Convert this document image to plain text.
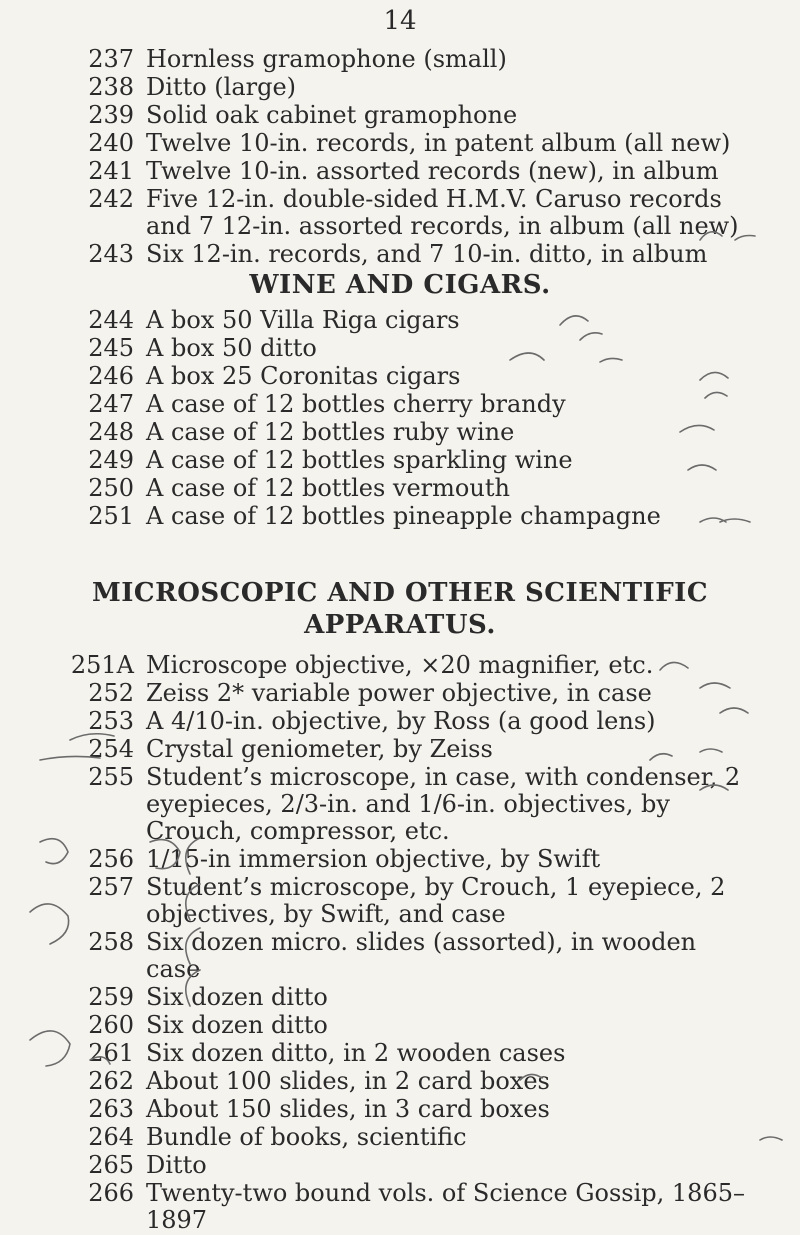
14
237 Hornless gramophone (small)
238 Ditto (large)
239 Solid oak cabinet gramophone
240 Twelve 10-in. records, in patent album (all new)
241 Twelve 10-in. assorted records (new), in album
242 Five 12-in. double-sided H.M.V. Caruso records and 7 12-in. assorted records, in album (all new)
243 Six 12-in. records, and 7 10-in. ditto, in album
WINE AND CIGARS.
244 A box 50 Villa Riga cigars
245 A box 50 ditto
246 A box 25 Coronitas cigars
247 A case of 12 bottles cherry brandy
248 A case of 12 bottles ruby wine
249 A case of 12 bottles sparkling wine
250 A case of 12 bottles vermouth
251 A case of 12 bottles pineapple champagne
MICROSCOPIC AND OTHER SCIENTIFIC
APPARATUS.
251A Microscope objective, ×20 magnifier, etc.
252 Zeiss 2* variable power objective, in case
253 A 4/10-in. objective, by Ross (a good lens)
254 Crystal geniometer, by Zeiss
255 Student’s microscope, in case, with condenser, 2 eyepieces, 2/3-in. and 1/6-in. objectives, by Crouch, compressor, etc.
256 1/15-in immersion objective, by Swift
257 Student’s microscope, by Crouch, 1 eyepiece, 2 objectives, by Swift, and case
258 Six dozen micro. slides (assorted), in wooden case
259 Six dozen ditto
260 Six dozen ditto
261 Six dozen ditto, in 2 wooden cases
262 About 100 slides, in 2 card boxes
263 About 150 slides, in 3 card boxes
264 Bundle of books, scientific
265 Ditto
266 Twenty-two bound vols. of Science Gossip, 1865–1897
